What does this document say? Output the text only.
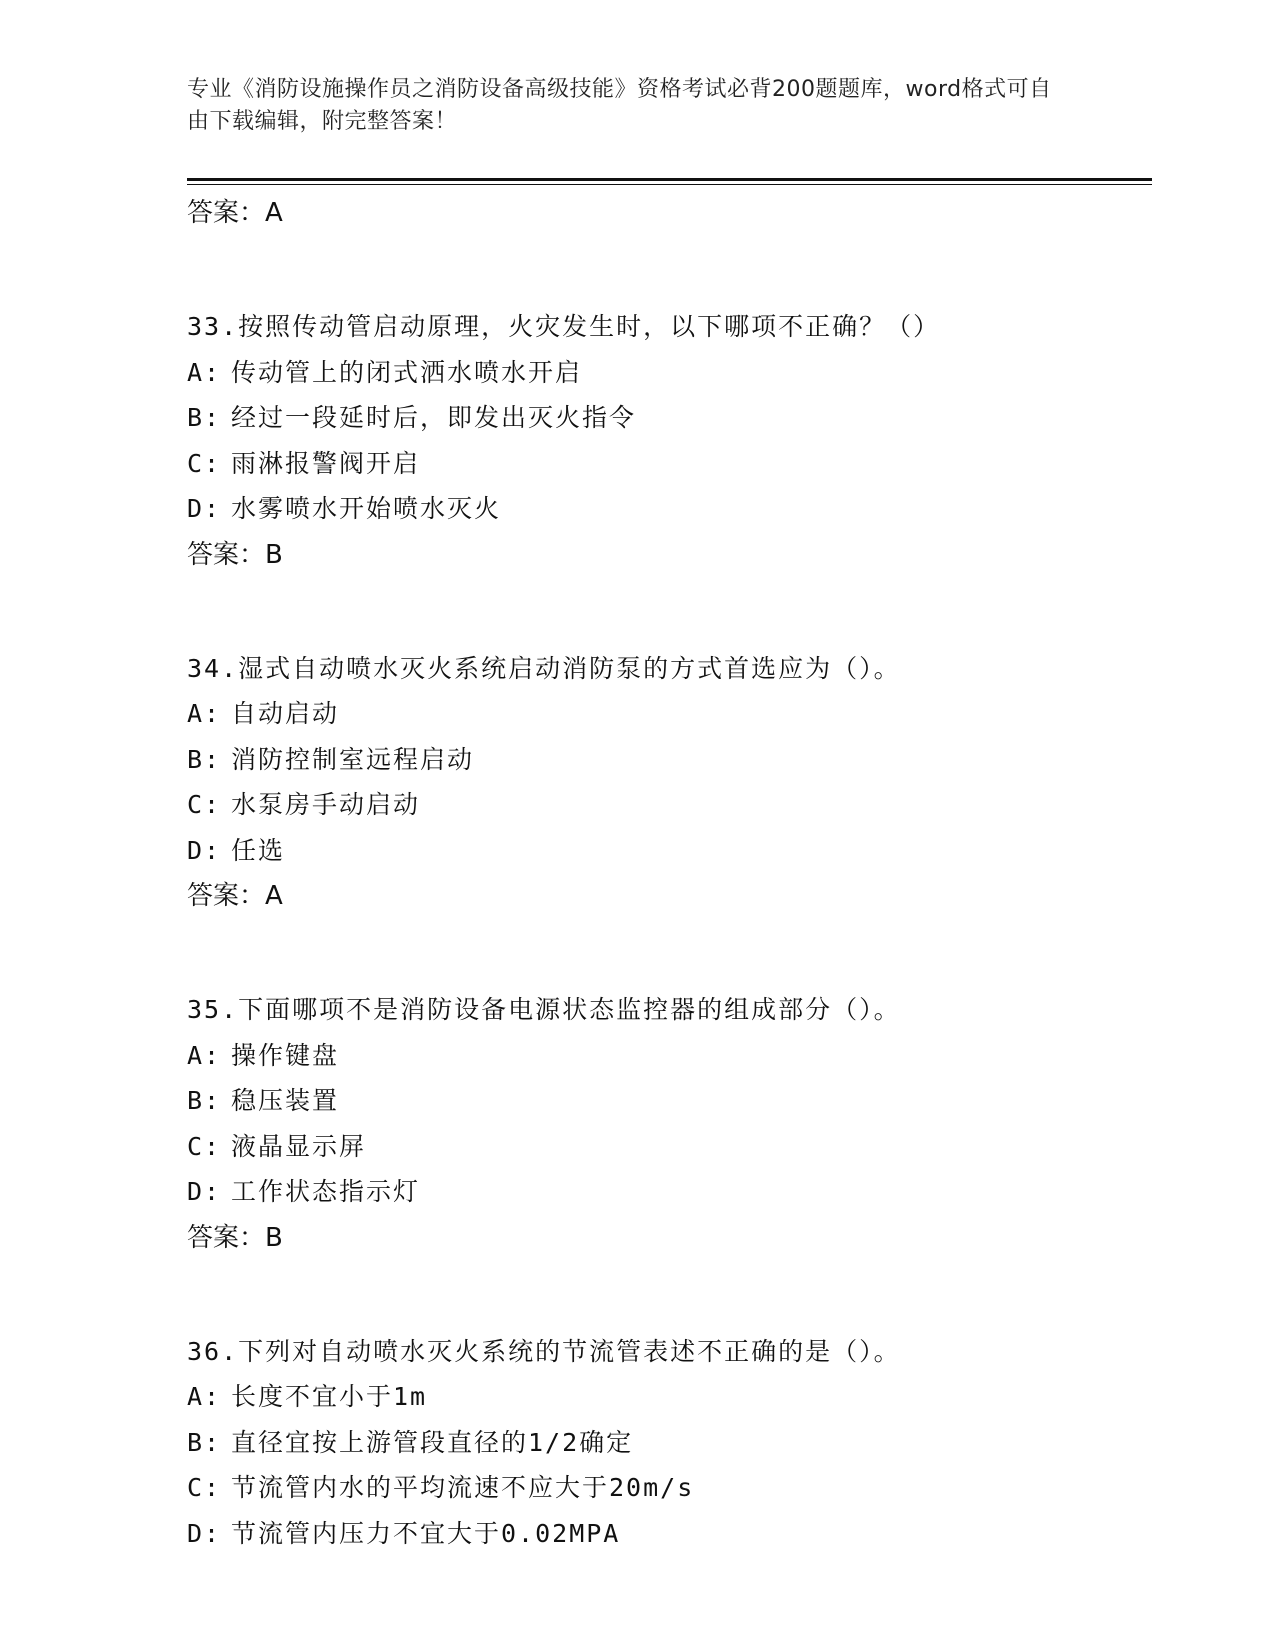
专业《消防设施操作员之消防设备高级技能》资格考试必背200题题库，word格式可自由下载编辑，附完整答案！
答案：A
33.按照传动管启动原理，火灾发生时，以下哪项不正确？（）
A: 传动管上的闭式洒水喷水开启
B: 经过一段延时后，即发出灭火指令
C: 雨淋报警阀开启
D: 水雾喷水开始喷水灭火
答案：B
34.湿式自动喷水灭火系统启动消防泵的方式首选应为（）。
A: 自动启动
B: 消防控制室远程启动
C: 水泵房手动启动
D: 任选
答案：A
35.下面哪项不是消防设备电源状态监控器的组成部分（）。
A: 操作键盘
B: 稳压装置
C: 液晶显示屏
D: 工作状态指示灯
答案：B
36.下列对自动喷水灭火系统的节流管表述不正确的是（）。
A: 长度不宜小于1m
B: 直径宜按上游管段直径的1/2确定
C: 节流管内水的平均流速不应大于20m/s
D: 节流管内压力不宜大于0.02MPA
